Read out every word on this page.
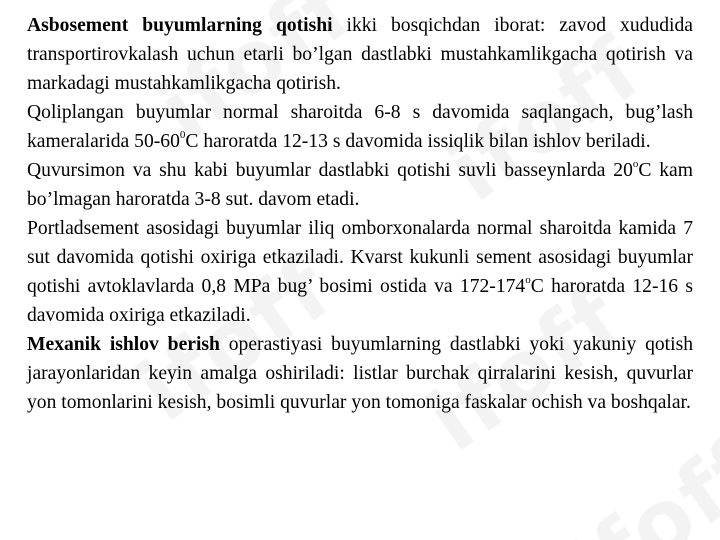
Asbosement buyumlarning qotishi ikki bosqichdan iborat: zavod xududida transportirovkalash uchun etarli bo’lgan dastlabki mustahkamlikgacha qotirish va markadagi mustahkamlikgacha qotirish.

Qoliplangan buyumlar normal sharoitda 6-8 s davomida saqlangach, bug’lash kameralarida $50-60^0C$ haroratda 12-13 s davomida issiqlik bilan ishlov beriladi.

Quvursimon va shu kabi buyumlar dastlabki qotishi suvli basseynlarda 20$^o$C kam bo’lmagan haroratda 3-8 sut. davom etadi.

Portladsement asosidagi buyumlar iliq omborxonalarda normal sharoitda kamida 7 sut davomida qotishi oxiriga etkaziladi. Kvarst kukunli sement asosidagi buyumlar qotishi avtoklavlarda 0,8 MPa bug’ bosimi ostida va 172-174$^o$C haroratda 12-16 s davomida oxiriga etkaziladi.

Mexanik ishlov berish operastiyasi buyumlarning dastlabki yoki yakuniy qotish jarayonlaridan keyin amalga oshiriladi: listlar burchak qirralarini kesish, quvurlar yon tomonlarini kesish, bosimli quvurlar yon tomoniga faskalar ochish va boshqalar.
